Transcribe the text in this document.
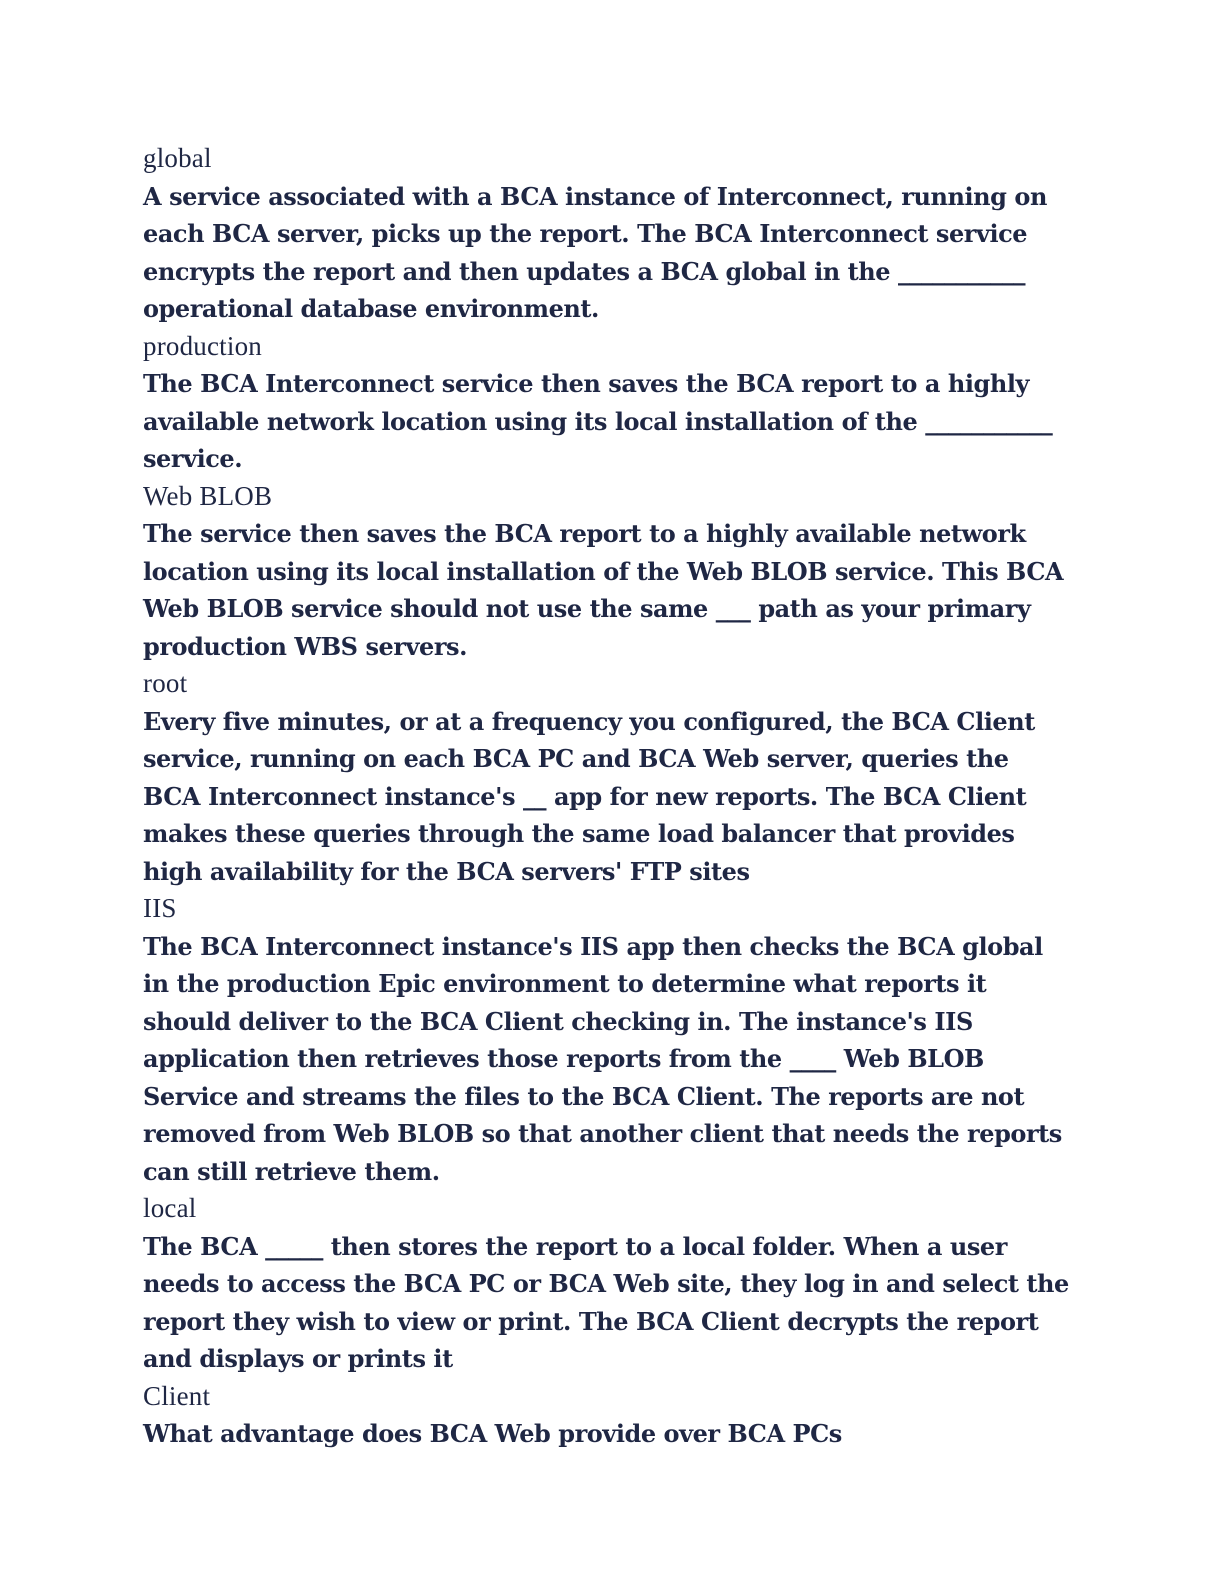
global
A service associated with a BCA instance of Interconnect, running on each BCA server, picks up the report. The BCA Interconnect service encrypts the report and then updates a BCA global in the ___________ operational database environment.
production
The BCA Interconnect service then saves the BCA report to a highly available network location using its local installation of the ___________ service.
Web BLOB
The service then saves the BCA report to a highly available network location using its local installation of the Web BLOB service. This BCA Web BLOB service should not use the same ___ path as your primary production WBS servers.
root
Every five minutes, or at a frequency you configured, the BCA Client service, running on each BCA PC and BCA Web server, queries the BCA Interconnect instance's __ app for new reports. The BCA Client makes these queries through the same load balancer that provides high availability for the BCA servers' FTP sites
IIS
The BCA Interconnect instance's IIS app then checks the BCA global in the production Epic environment to determine what reports it should deliver to the BCA Client checking in. The instance's IIS application then retrieves those reports from the ____ Web BLOB Service and streams the files to the BCA Client. The reports are not removed from Web BLOB so that another client that needs the reports can still retrieve them.
local
The BCA _____ then stores the report to a local folder. When a user needs to access the BCA PC or BCA Web site, they log in and select the report they wish to view or print. The BCA Client decrypts the report and displays or prints it
Client
What advantage does BCA Web provide over BCA PCs
